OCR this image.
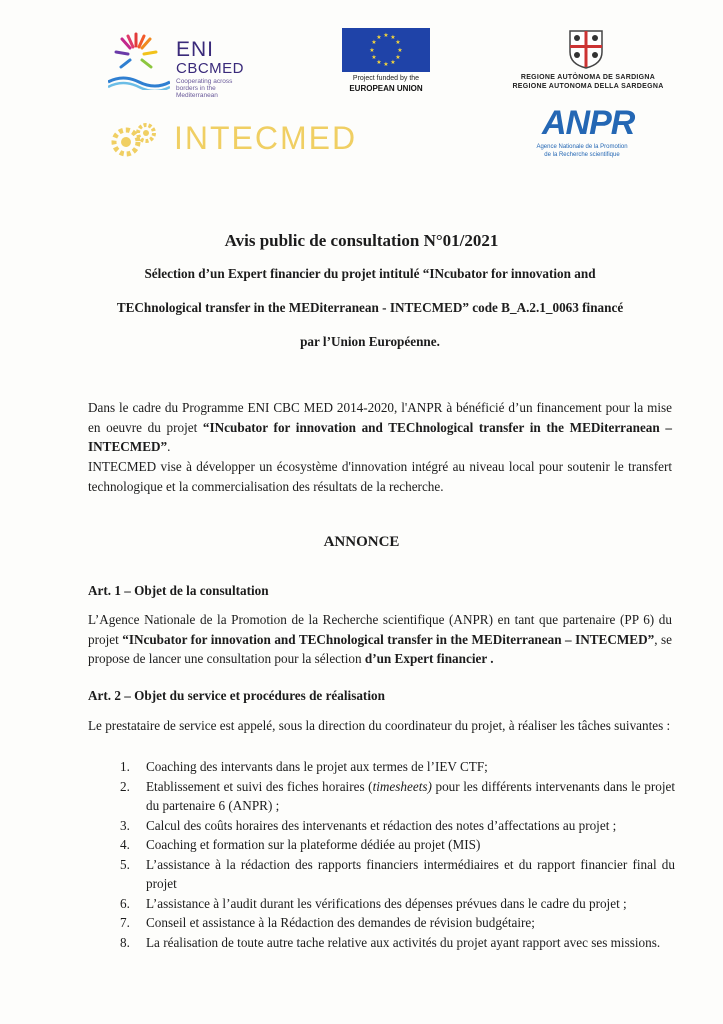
ENI
CBCMED
Cooperating across borders in the Mediterranean
★ ★
★
★
★
★
★
★
★
★
★
★
Project funded by the
EUROPEAN UNION
REGIONE AUTÒNOMA DE SARDIGNA
REGIONE AUTONOMA DELLA SARDEGNA
INTECMED	ANPR
Agence Nationale de la Promotion
de la Recherche scientifique
Avis public de consultation N°01/2021
Sélection d’un Expert financier du projet intitulé “INcubator for innovation and
TEChnological transfer in the MEDiterranean - INTECMED” code B_A.2.1_0063 financé
par l’Union Européenne.
Dans le cadre du Programme ENI CBC MED 2014-2020, l'ANPR à bénéficié d’un financement pour la mise en oeuvre du projet “INcubator for innovation and TEChnological transfer in the MEDiterranean – INTECMED”.
INTECMED vise à développer un écosystème d'innovation intégré au niveau local pour soutenir le transfert technologique et la commercialisation des résultats de la recherche.
ANNONCE
Art. 1 – Objet de la consultation
L’Agence Nationale de la Promotion de la Recherche scientifique (ANPR) en tant que partenaire (PP 6) du projet “INcubator for innovation and TEChnological transfer in the MEDiterranean – INTECMED”, se propose de lancer une consultation pour la sélection d’un Expert financier .
Art. 2 – Objet du service et procédures de réalisation
Le prestataire de service est appelé, sous la direction du coordinateur du projet, à réaliser les tâches suivantes :
1. Coaching des intervants dans le projet aux termes de l’IEV CTF;
2. Etablissement et suivi des fiches horaires (timesheets) pour les différents intervenants dans le projet du partenaire 6 (ANPR) ;
3. Calcul des coûts horaires des intervenants et rédaction des notes d’affectations au projet ;
4. Coaching et formation sur la plateforme dédiée au projet (MIS)
5. L’assistance à la rédaction des rapports financiers intermédiaires et du rapport financier final du projet
6. L’assistance à l’audit durant les vérifications des dépenses prévues dans le cadre du projet ;
7. Conseil et assistance à la Rédaction des demandes de révision budgétaire;
8. La réalisation de toute autre tache relative aux activités du projet ayant rapport avec ses missions.
